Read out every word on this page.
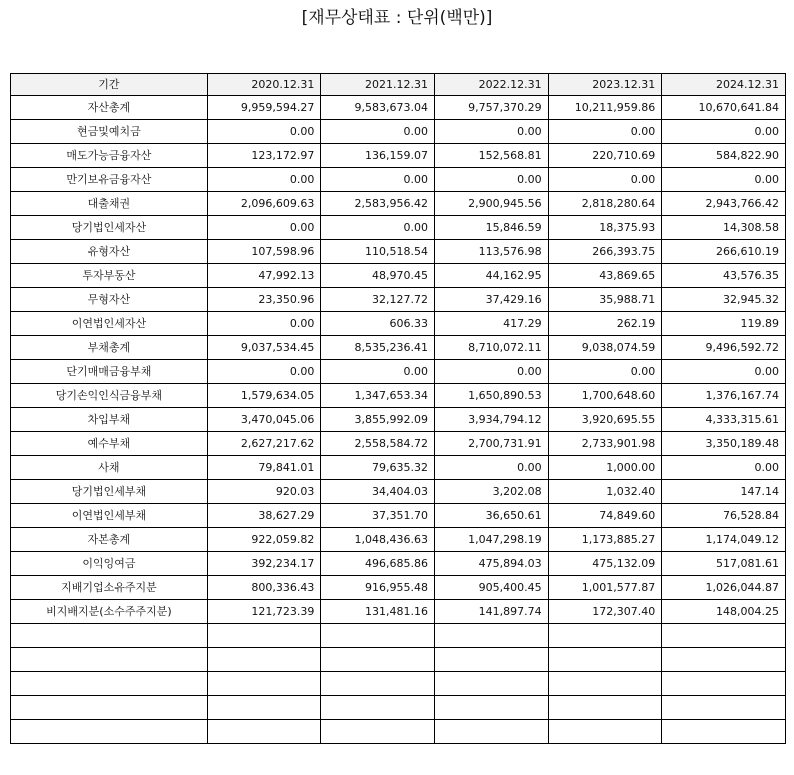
[재무상태표 : 단위(백만)]
기간	2020.12.31	2021.12.31	2022.12.31	2023.12.31	2024.12.31
자산총계	9,959,594.27	9,583,673.04	9,757,370.29	10,211,959.86	10,670,641.84
현금및예치금	0.00	0.00	0.00	0.00	0.00
매도가능금융자산	123,172.97	136,159.07	152,568.81	220,710.69	584,822.90
만기보유금융자산	0.00	0.00	0.00	0.00	0.00
대출채권	2,096,609.63	2,583,956.42	2,900,945.56	2,818,280.64	2,943,766.42
당기법인세자산	0.00	0.00	15,846.59	18,375.93	14,308.58
유형자산	107,598.96	110,518.54	113,576.98	266,393.75	266,610.19
투자부동산	47,992.13	48,970.45	44,162.95	43,869.65	43,576.35
무형자산	23,350.96	32,127.72	37,429.16	35,988.71	32,945.32
이연법인세자산	0.00	606.33	417.29	262.19	119.89
부채총계	9,037,534.45	8,535,236.41	8,710,072.11	9,038,074.59	9,496,592.72
단기매매금융부채	0.00	0.00	0.00	0.00	0.00
당기손익인식금융부채	1,579,634.05	1,347,653.34	1,650,890.53	1,700,648.60	1,376,167.74
차입부채	3,470,045.06	3,855,992.09	3,934,794.12	3,920,695.55	4,333,315.61
예수부채	2,627,217.62	2,558,584.72	2,700,731.91	2,733,901.98	3,350,189.48
사채	79,841.01	79,635.32	0.00	1,000.00	0.00
당기법인세부채	920.03	34,404.03	3,202.08	1,032.40	147.14
이연법인세부채	38,627.29	37,351.70	36,650.61	74,849.60	76,528.84
자본총계	922,059.82	1,048,436.63	1,047,298.19	1,173,885.27	1,174,049.12
이익잉여금	392,234.17	496,685.86	475,894.03	475,132.09	517,081.61
지배기업소유주지분	800,336.43	916,955.48	905,400.45	1,001,577.87	1,026,044.87
비지배지분(소수주주지분)	121,723.39	131,481.16	141,897.74	172,307.40	148,004.25
